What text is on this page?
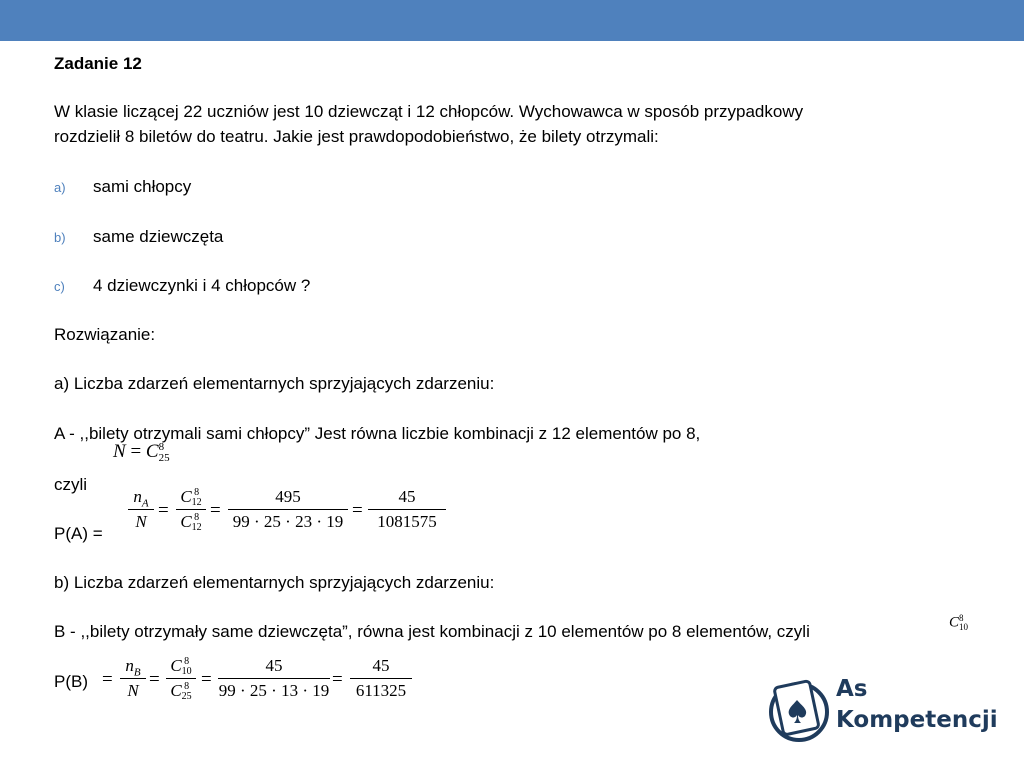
Zadanie 12
W klasie liczącej 22 uczniów jest 10 dziewcząt i 12 chłopców. Wychowawca w sposób przypadkowy
rozdzielił 8 biletów do teatru. Jakie jest prawdopodobieństwo, że bilety otrzymali:
a) sami chłopcy
b) same dziewczęta
c) 4 dziewczynki i 4 chłopców ?
Rozwiązanie:
a) Liczba zdarzeń elementarnych sprzyjających zdarzeniu:
A - ,,bilety otrzymali sami chłopcy” Jest równa liczbie kombinacji z 12 elementów po 8,
N = C 8
25
czyli
P(A) =
$n_A$
N
=
C 8
12
C 8
12
=
495
99 · 25 · 23 · 19
=
45
1081575
b) Liczba zdarzeń elementarnych sprzyjających zdarzeniu:
B - ,,bilety otrzymały same dziewczęta”, równa jest kombinacji z 10 elementów po 8 elementów, czyli	C 8
10
P(B) =
$n_B$
N
=
C 8
10
C 8
25
=
45
99 · 25 · 13 · 19
=
45
611325	As
Kompetencji
